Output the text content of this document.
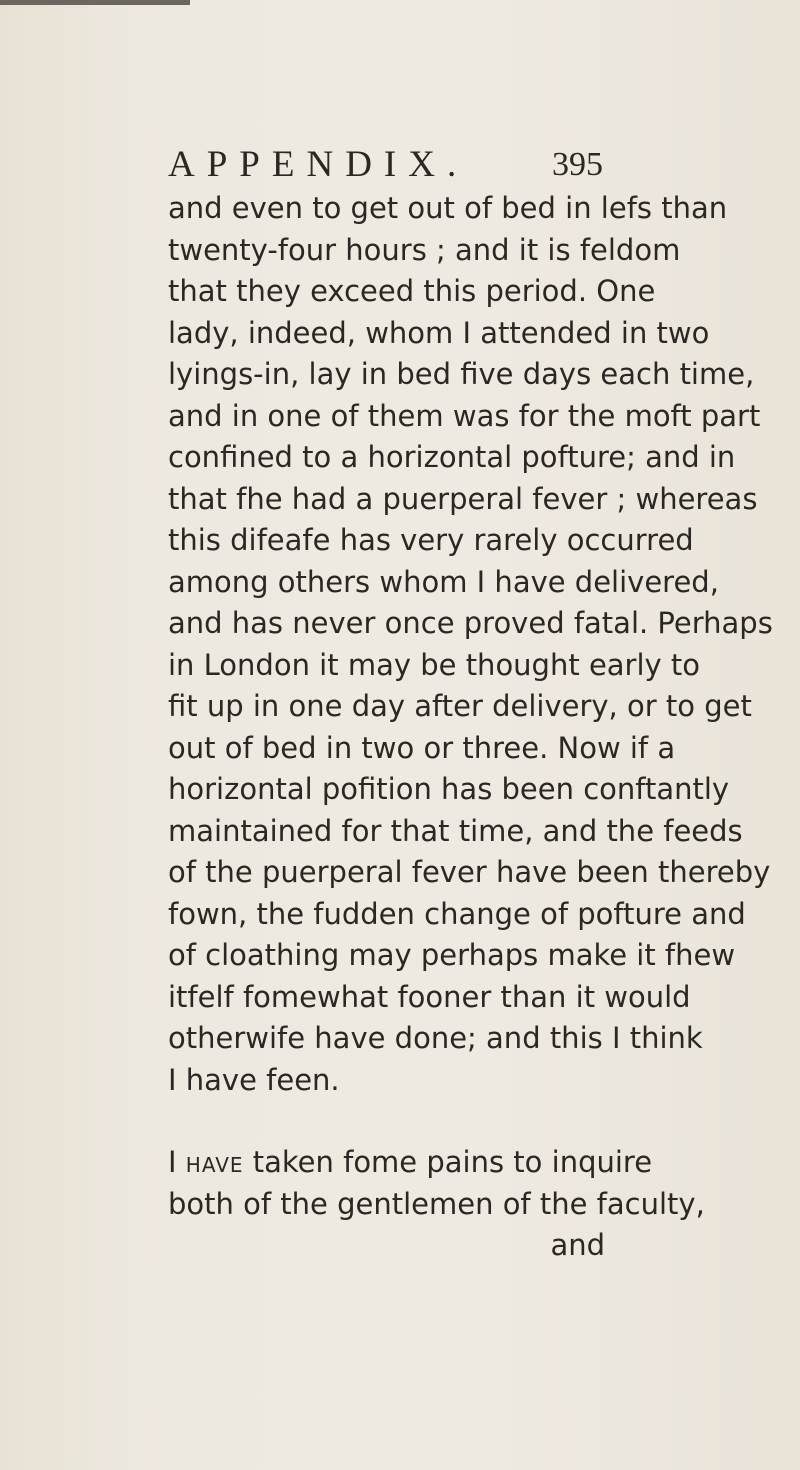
APPENDIX. 395
and even to get out of bed in lefs than
twenty-four hours ; and it is feldom
that they exceed this period. One
lady, indeed, whom I attended in two
lyings-in, lay in bed five days each time,
and in one of them was for the moft part
confined to a horizontal pofture; and in
that fhe had a puerperal fever ; whereas
this difeafe has very rarely occurred
among others whom I have delivered,
and has never once proved fatal. Perhaps
in London it may be thought early to
fit up in one day after delivery, or to get
out of bed in two or three. Now if a
horizontal pofition has been conftantly
maintained for that time, and the feeds
of the puerperal fever have been thereby
fown, the fudden change of pofture and
of cloathing may perhaps make it fhew
itfelf fomewhat fooner than it would
otherwife have done; and this I think
I have feen.
I have taken fome pains to inquire
both of the gentlemen of the faculty,
and
